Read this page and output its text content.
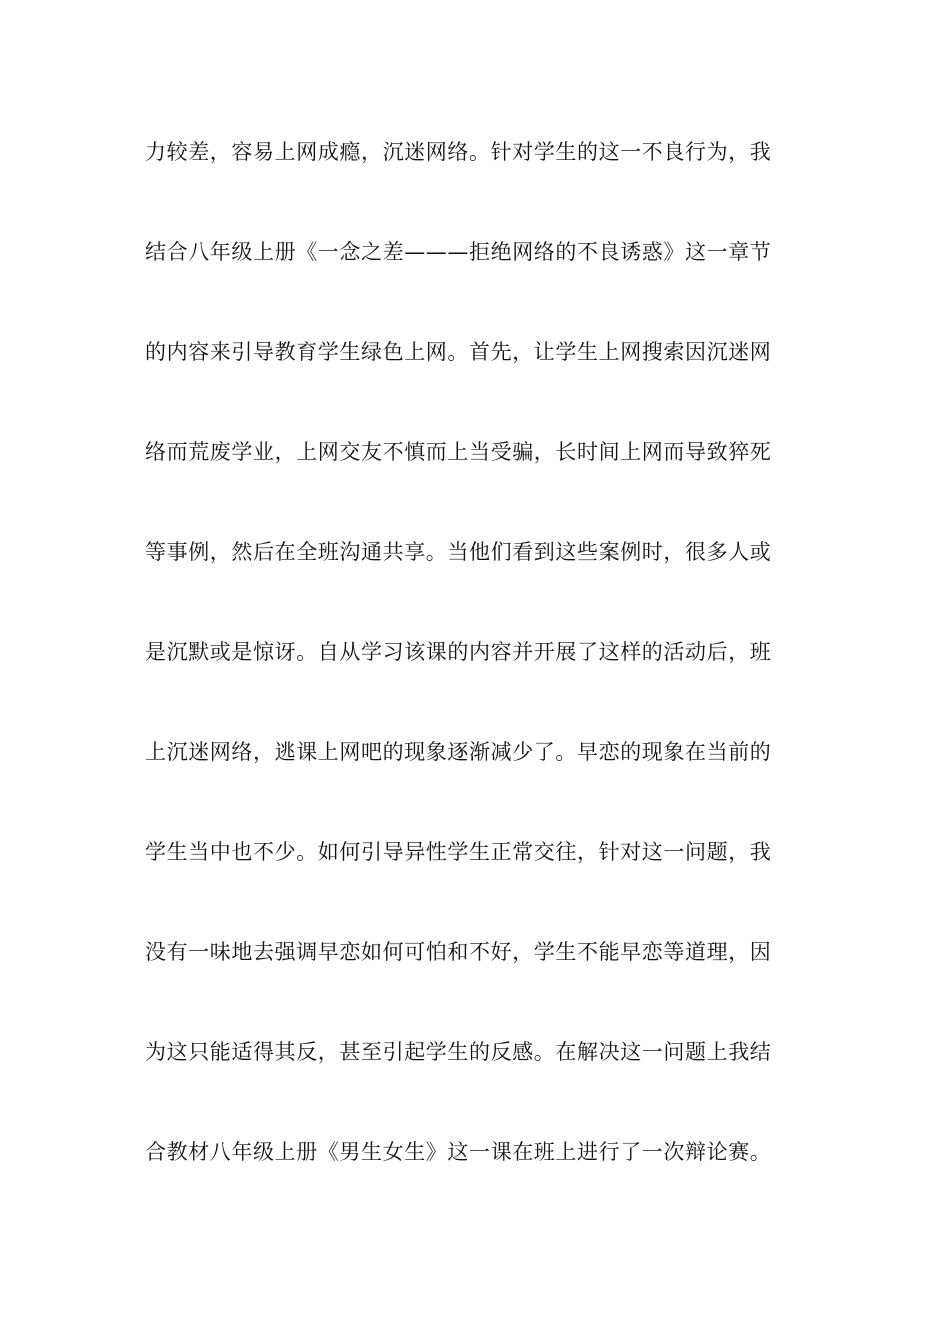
力较差，容易上网成瘾，沉迷网络。针对学生的这一不良行为，我
结合八年级上册《一念之差———拒绝网络的不良诱惑》这一章节
的内容来引导教育学生绿色上网。首先，让学生上网搜索因沉迷网
络而荒废学业，上网交友不慎而上当受骗，长时间上网而导致猝死
等事例，然后在全班沟通共享。当他们看到这些案例时，很多人或
是沉默或是惊讶。自从学习该课的内容并开展了这样的活动后，班
上沉迷网络，逃课上网吧的现象逐渐减少了。早恋的现象在当前的
学生当中也不少。如何引导异性学生正常交往，针对这一问题，我
没有一味地去强调早恋如何可怕和不好，学生不能早恋等道理，因
为这只能适得其反，甚至引起学生的反感。在解决这一问题上我结
合教材八年级上册《男生女生》这一课在班上进行了一次辩论赛。
